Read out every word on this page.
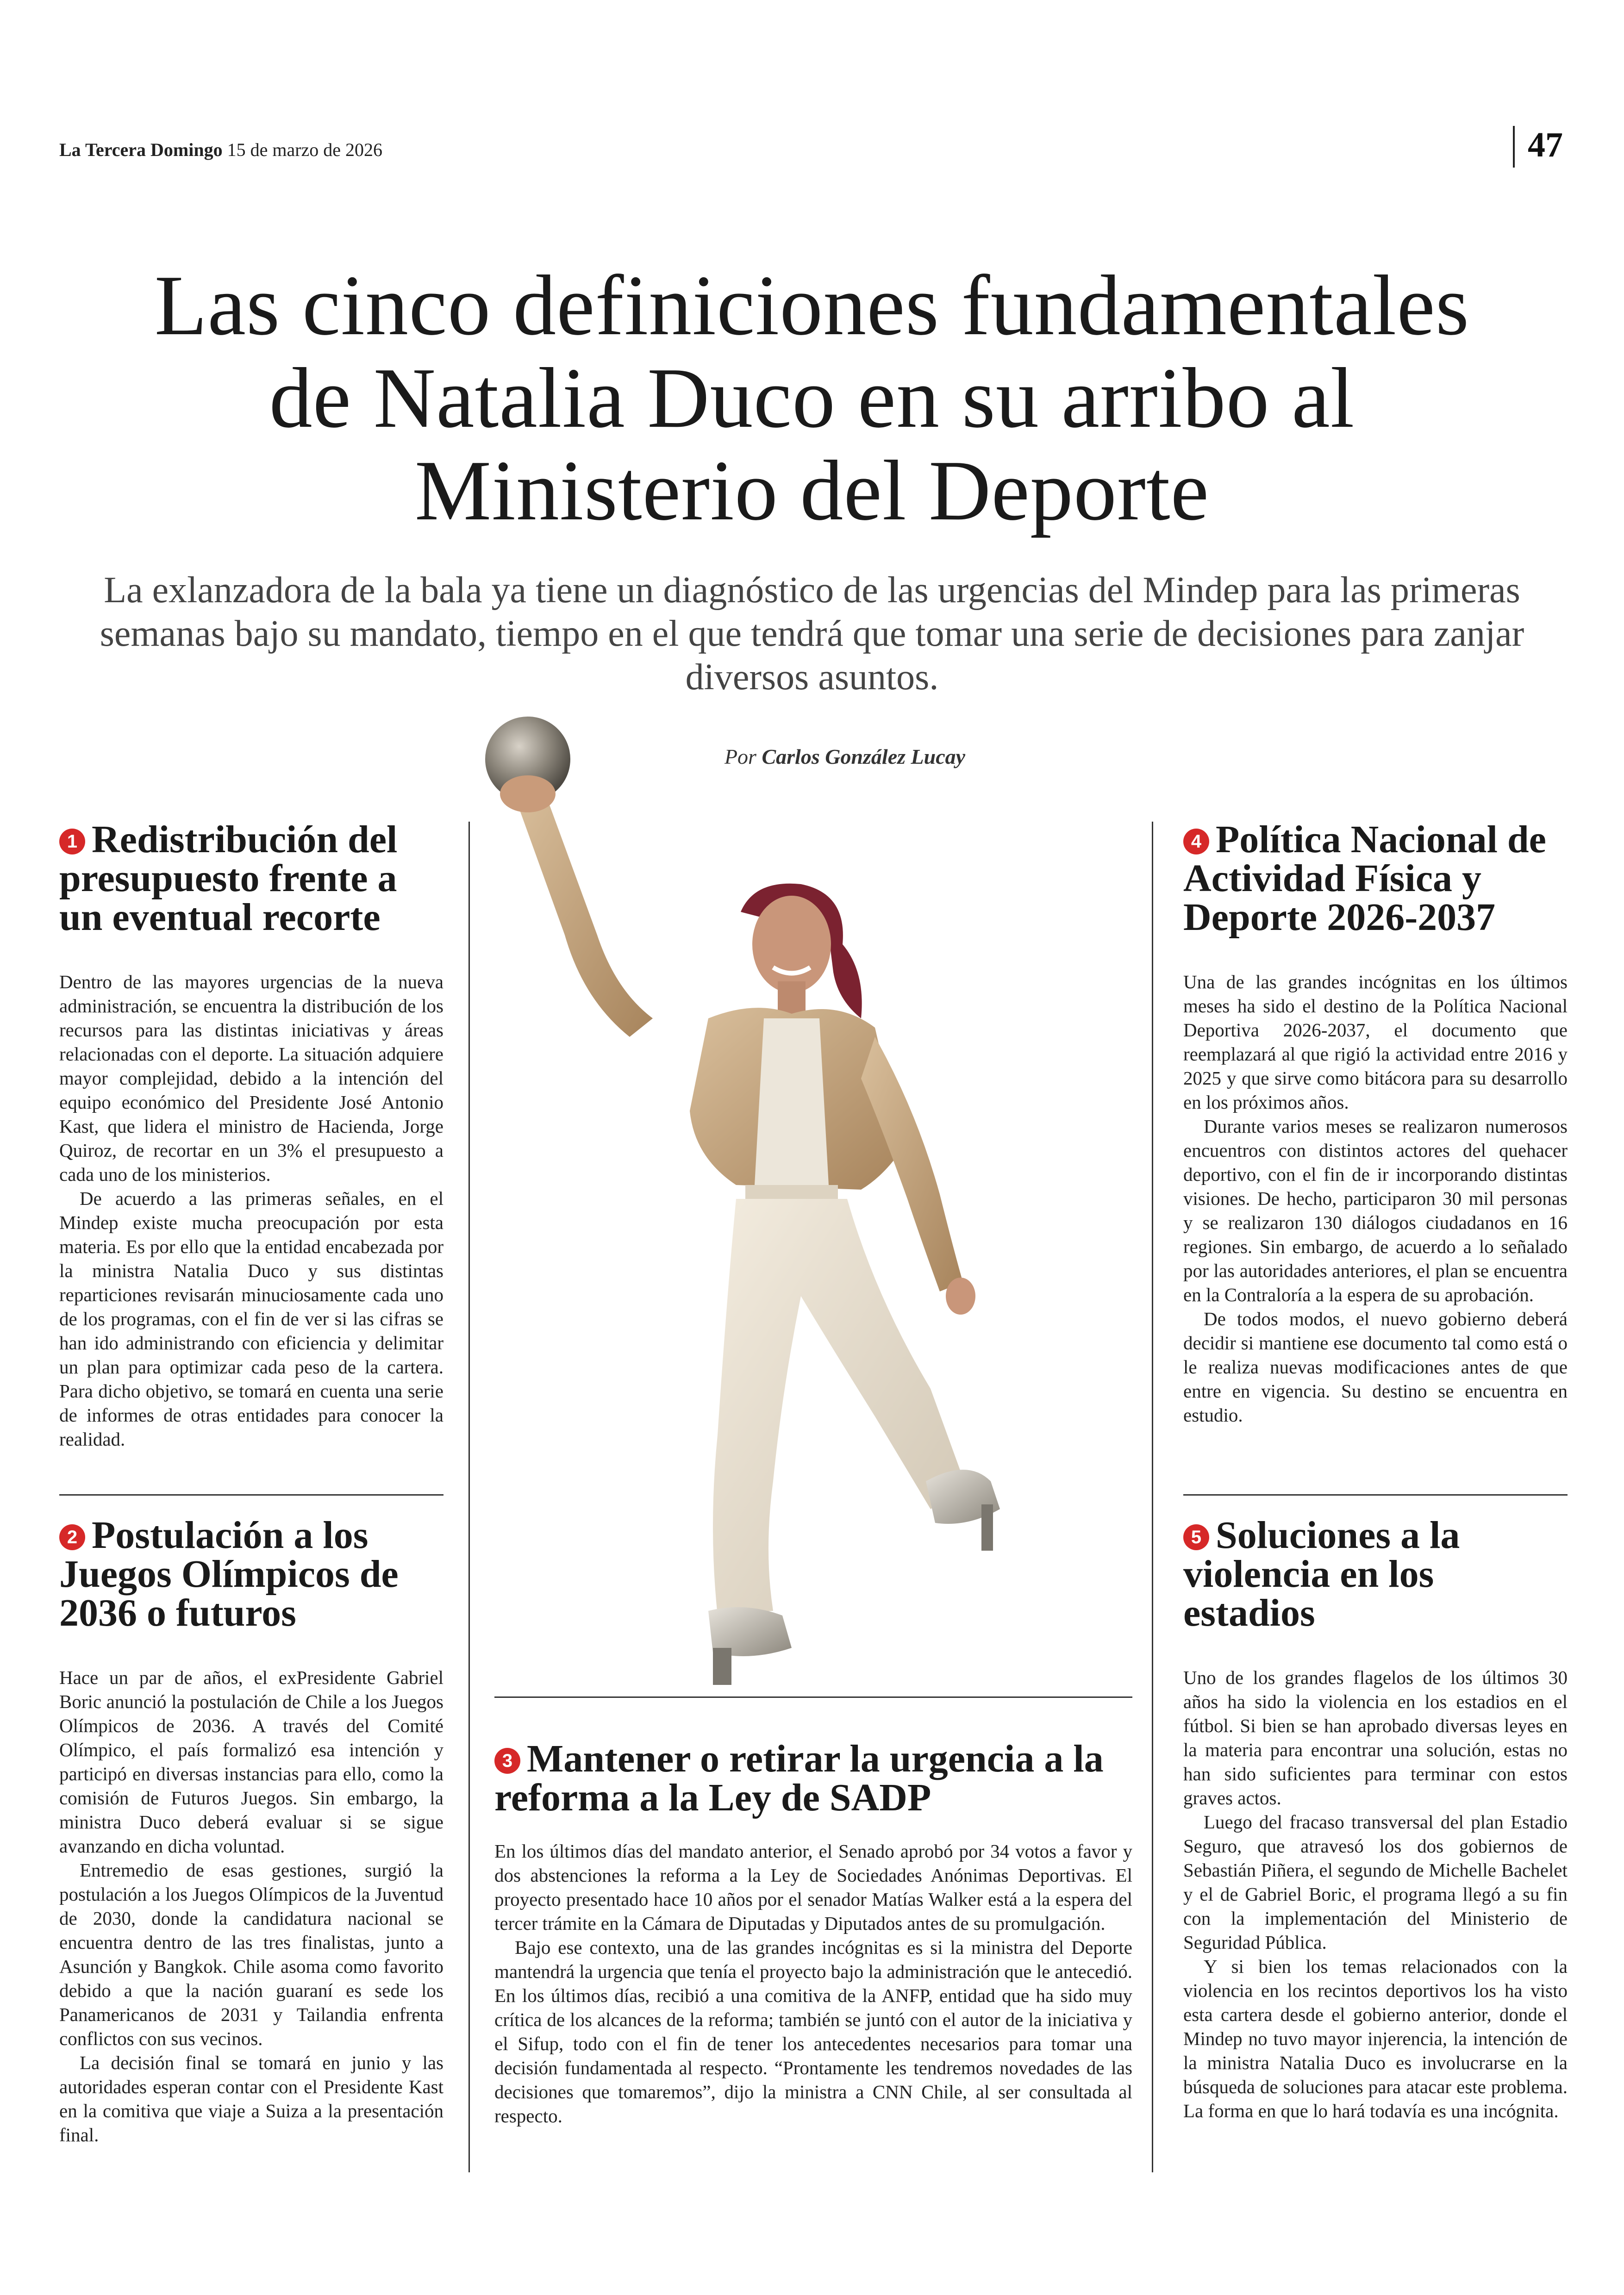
La Tercera Domingo 15 de marzo de 2026	47
Las cinco definiciones fundamentales
de Natalia Duco en su arribo al
Ministerio del Deporte
La exlanzadora de la bala ya tiene un diagnóstico de las urgencias del Mindep para las primeras semanas bajo su mandato, tiempo en el que tendrá que tomar una serie de decisiones para zanjar diversos asuntos.
Por Carlos González Lucay
1 Redistribución del presupuesto frente a un eventual recorte

Dentro de las mayores urgencias de la nueva administración, se encuentra la distribución de los recursos para las distintas iniciativas y áreas relacionadas con el deporte. La situación adquiere mayor complejidad, debido a la intención del equipo económico del Presidente José Antonio Kast, que lidera el ministro de Hacienda, Jorge Quiroz, de recortar en un 3% el presupuesto a cada uno de los ministerios.

De acuerdo a las primeras señales, en el Mindep existe mucha preocupación por esta materia. Es por ello que la entidad encabezada por la ministra Natalia Duco y sus distintas reparticiones revisarán minuciosamente cada uno de los programas, con el fin de ver si las cifras se han ido administrando con eficiencia y delimitar un plan para optimizar cada peso de la cartera. Para dicho objetivo, se tomará en cuenta una serie de informes de otras entidades para conocer la realidad.

2 Postulación a los Juegos Olímpicos de 2036 o futuros

Hace un par de años, el exPresidente Gabriel Boric anunció la postulación de Chile a los Juegos Olímpicos de 2036. A través del Comité Olímpico, el país formalizó esa intención y participó en diversas instancias para ello, como la comisión de Futuros Juegos. Sin embargo, la ministra Duco deberá evaluar si se sigue avanzando en dicha voluntad.

Entremedio de esas gestiones, surgió la postulación a los Juegos Olímpicos de la Juventud de 2030, donde la candidatura nacional se encuentra dentro de las tres finalistas, junto a Asunción y Bangkok. Chile asoma como favorito debido a que la nación guaraní es sede los Panamericanos de 2031 y Tailandia enfrenta conflictos con sus vecinos.

La decisión final se tomará en junio y las autoridades esperan contar con el Presidente Kast en la comitiva que viaje a Suiza a la presentación final.

3 Mantener o retirar la urgencia a la reforma a la Ley de SADP

En los últimos días del mandato anterior, el Senado aprobó por 34 votos a favor y dos abstenciones la reforma a la Ley de Sociedades Anónimas Deportivas. El proyecto presentado hace 10 años por el senador Matías Walker está a la espera del tercer trámite en la Cámara de Diputadas y Diputados antes de su promulgación.

Bajo ese contexto, una de las grandes incógnitas es si la ministra del Deporte mantendrá la urgencia que tenía el proyecto bajo la administración que le antecedió. En los últimos días, recibió a una comitiva de la ANFP, entidad que ha sido muy crítica de los alcances de la reforma; también se juntó con el autor de la iniciativa y el Sifup, todo con el fin de tener los antecedentes necesarios para tomar una decisión fundamentada al respecto. “Prontamente les tendremos novedades de las decisiones que tomaremos”, dijo la ministra a CNN Chile, al ser consultada al respecto.

4 Política Nacional de Actividad Física y Deporte 2026-2037

Una de las grandes incógnitas en los últimos meses ha sido el destino de la Política Nacional Deportiva 2026-2037, el documento que reemplazará al que rigió la actividad entre 2016 y 2025 y que sirve como bitácora para su desarrollo en los próximos años.

Durante varios meses se realizaron numerosos encuentros con distintos actores del quehacer deportivo, con el fin de ir incorporando distintas visiones. De hecho, participaron 30 mil personas y se realizaron 130 diálogos ciudadanos en 16 regiones. Sin embargo, de acuerdo a lo señalado por las autoridades anteriores, el plan se encuentra en la Contraloría a la espera de su aprobación.

De todos modos, el nuevo gobierno deberá decidir si mantiene ese documento tal como está o le realiza nuevas modificaciones antes de que entre en vigencia. Su destino se encuentra en estudio.

5 Soluciones a la violencia en los estadios

Uno de los grandes flagelos de los últimos 30 años ha sido la violencia en los estadios en el fútbol. Si bien se han aprobado diversas leyes en la materia para encontrar una solución, estas no han sido suficientes para terminar con estos graves actos.

Luego del fracaso transversal del plan Estadio Seguro, que atravesó los dos gobiernos de Sebastián Piñera, el segundo de Michelle Bachelet y el de Gabriel Boric, el programa llegó a su fin con la implementación del Ministerio de Seguridad Pública.

Y si bien los temas relacionados con la violencia en los recintos deportivos los ha visto esta cartera desde el gobierno anterior, donde el Mindep no tuvo mayor injerencia, la intención de la ministra Natalia Duco es involucrarse en la búsqueda de soluciones para atacar este problema. La forma en que lo hará todavía es una incógnita.
